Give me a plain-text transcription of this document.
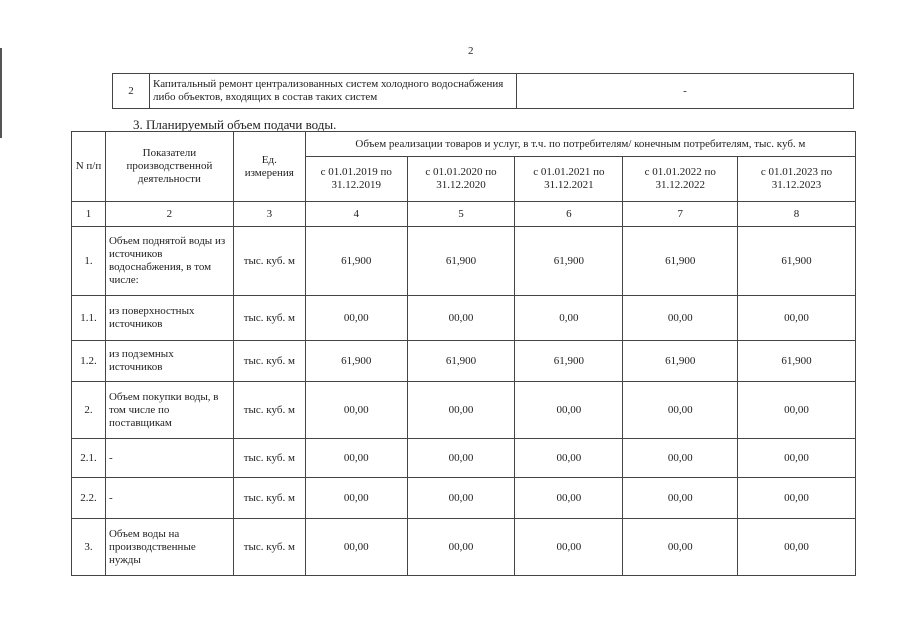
2
2	Капитальный ремонт централизованных систем холодного водоснабжения либо объектов, входящих в состав таких систем	-
3. Планируемый объем подачи воды.
N п/п	Показатели производственной деятельности	Ед. измерения	Объем реализации товаров и услуг, в т.ч. по потребителям/ конечным потребителям, тыс. куб. м				
			с 01.01.2019 по 31.12.2019	с 01.01.2020 по 31.12.2020	с 01.01.2021 по 31.12.2021	с 01.01.2022 по 31.12.2022	с 01.01.2023 по 31.12.2023
1	2	3	4	5	6	7	8
1.	Объем поднятой воды из источников водоснабжения, в том числе:	тыс. куб. м	61,900	61,900	61,900	61,900	61,900
1.1.	из поверхностных источников	тыс. куб. м	00,00	00,00	0,00	00,00	00,00
1.2.	из подземных источников	тыс. куб. м	61,900	61,900	61,900	61,900	61,900
2.	Объем покупки воды, в том числе по поставщикам	тыс. куб. м	00,00	00,00	00,00	00,00	00,00
2.1.	-	тыс. куб. м	00,00	00,00	00,00	00,00	00,00
2.2.	-	тыс. куб. м	00,00	00,00	00,00	00,00	00,00
3.	Объем воды на производственные нужды	тыс. куб. м	00,00	00,00	00,00	00,00	00,00
